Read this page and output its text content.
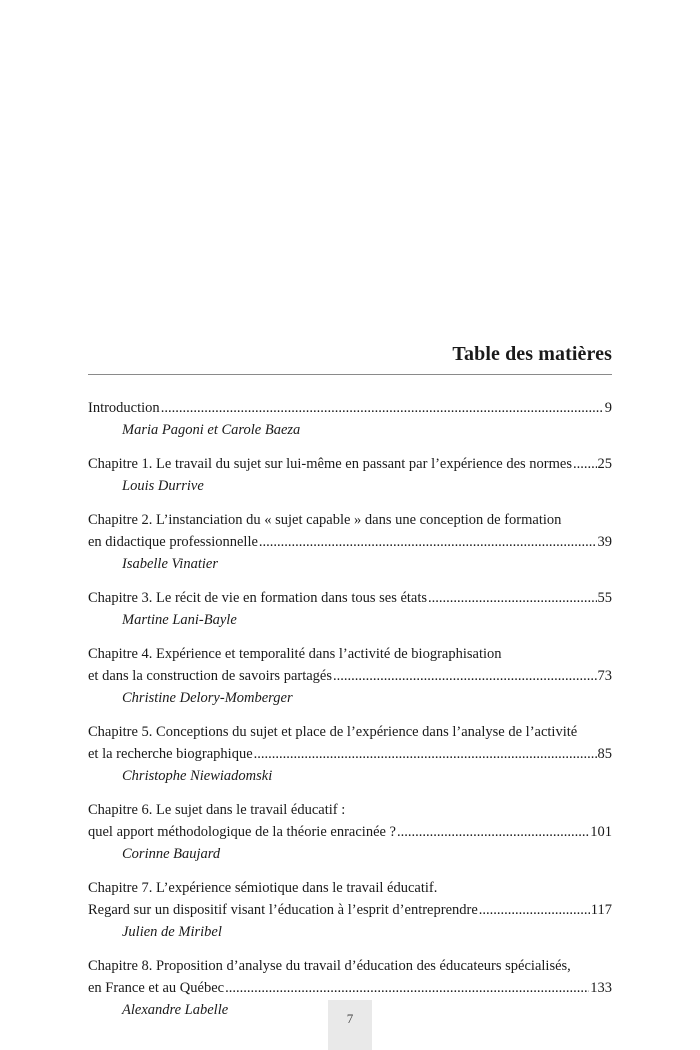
Table des matières
Introduction .....	9
Maria Pagoni et Carole Baeza
Chapitre 1. Le travail du sujet sur lui-même en passant par l’expérience des normes ..... 25
Louis Durrive
Chapitre 2. L’instanciation du « sujet capable » dans une conception de formation
en didactique professionnelle .....	39
Isabelle Vinatier
Chapitre 3. Le récit de vie en formation dans tous ses états .....	55
Martine Lani-Bayle
Chapitre 4. Expérience et temporalité dans l’activité de biographisation
et dans la construction de savoirs partagés .....	73
Christine Delory-Momberger
Chapitre 5. Conceptions du sujet et place de l’expérience dans l’analyse de l’activité
et la recherche biographique .....	85
Christophe Niewiadomski
Chapitre 6. Le sujet dans le travail éducatif :
quel apport méthodologique de la théorie enracinée ? .....	101
Corinne Baujard
Chapitre 7. L’expérience sémiotique dans le travail éducatif.
Regard sur un dispositif visant l’éducation à l’esprit d’entreprendre .....	117
Julien de Miribel
Chapitre 8. Proposition d’analyse du travail d’éducation des éducateurs spécialisés,
en France et au Québec .....	133
Alexandre Labelle
7
